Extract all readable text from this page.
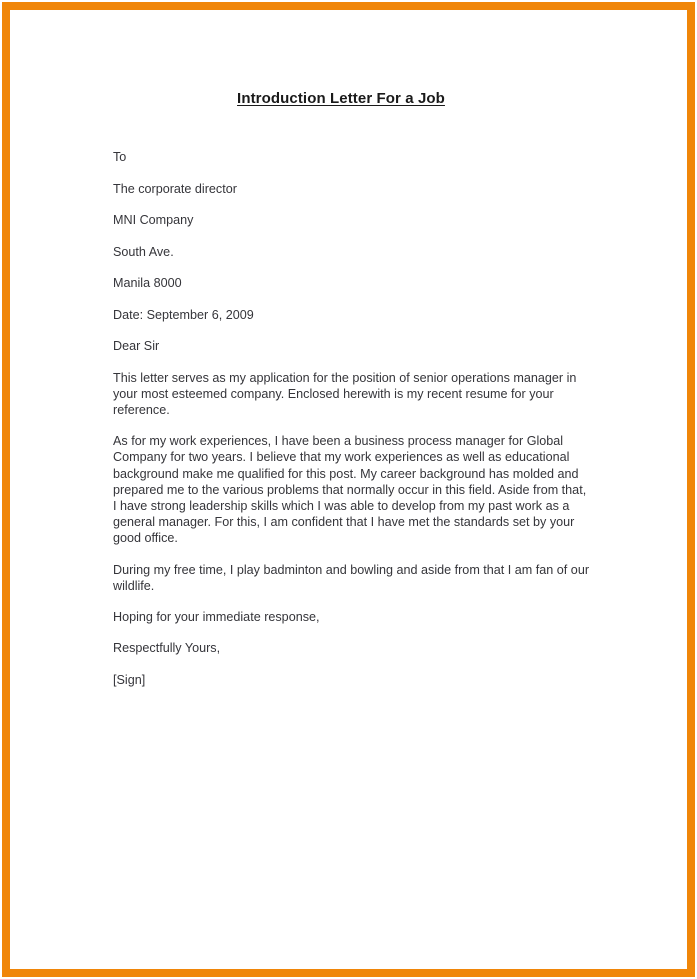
Introduction Letter For a Job

To

The corporate director

MNI Company

South Ave.

Manila 8000

Date: September 6, 2009

Dear Sir

This letter serves as my application for the position of senior operations manager in your most esteemed company. Enclosed herewith is my recent resume for your reference.

As for my work experiences, I have been a business process manager for Global Company for two years. I believe that my work experiences as well as educational background make me qualified for this post. My career background has molded and prepared me to the various problems that normally occur in this field. Aside from that, I have strong leadership skills which I was able to develop from my past work as a general manager. For this, I am confident that I have met the standards set by your good office.

During my free time, I play badminton and bowling and aside from that I am fan of our wildlife.

Hoping for your immediate response,

Respectfully Yours,

[Sign]
